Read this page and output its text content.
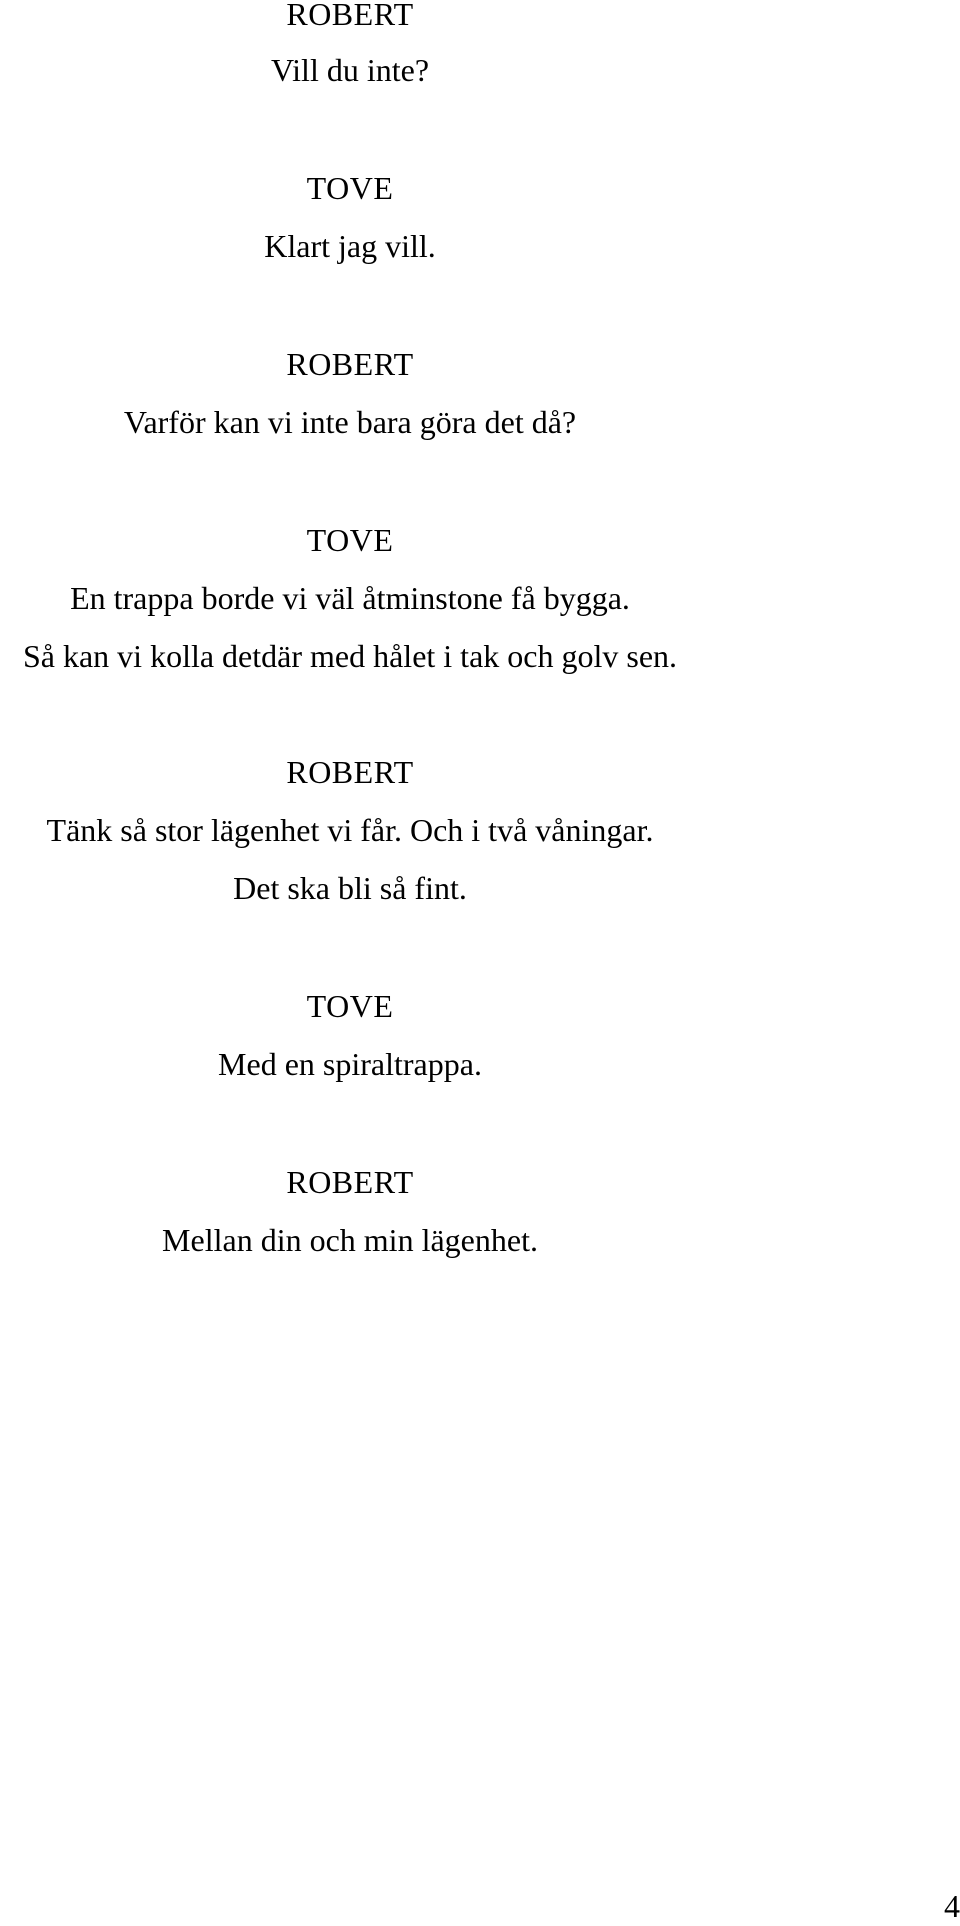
ROBERT
Vill du inte?
TOVE
Klart jag vill.
ROBERT
Varför kan vi inte bara göra det då?
TOVE
En trappa borde vi väl åtminstone få bygga.
Så kan vi kolla detdär med hålet i tak och golv sen.
ROBERT
Tänk så stor lägenhet vi får. Och i två våningar.
Det ska bli så fint.
TOVE
Med en spiraltrappa.
ROBERT
Mellan din och min lägenhet.
4
